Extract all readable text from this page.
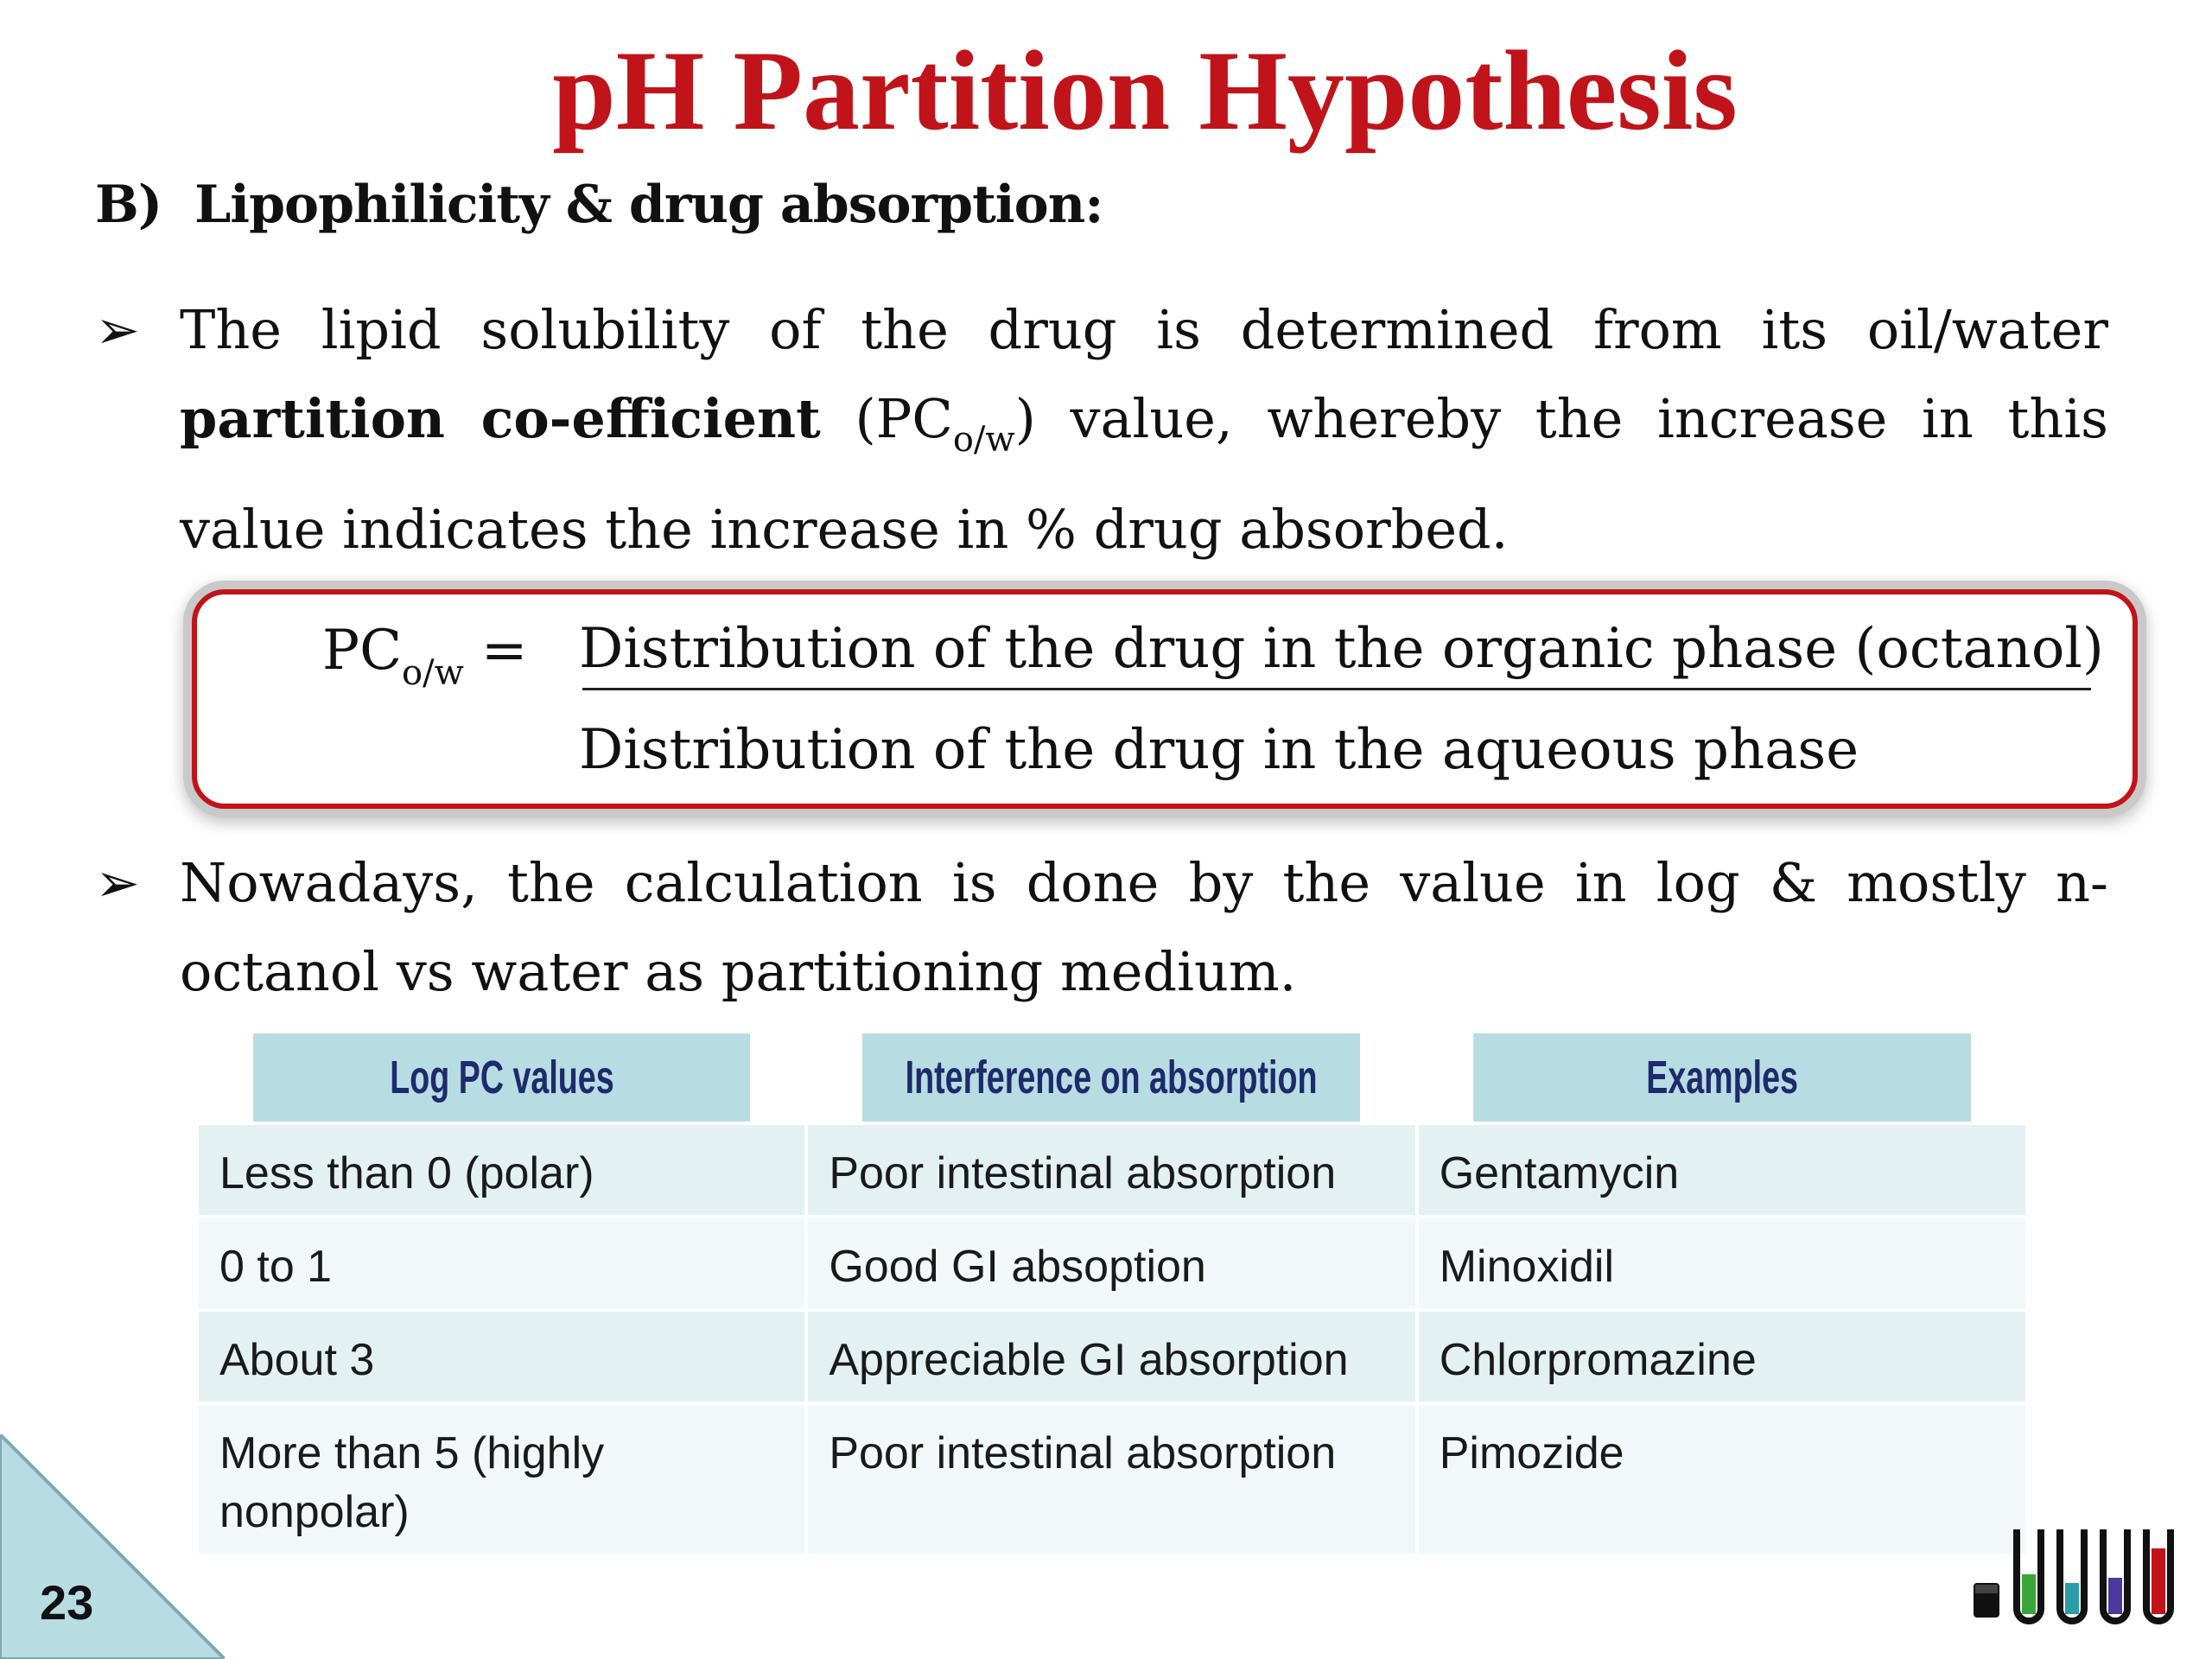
pH Partition Hypothesis
B) Lipophilicity & drug absorption:
➢ The lipid solubility of the drug is determined from its oil/water partition co-efficient $(PC_{o/w})$ value, whereby the increase in this value indicates the increase in % drug absorbed.
$PC_{o/w}$ = Distribution of the drug in the organic phase (octanol)
Distribution of the drug in the aqueous phase
➢ Nowadays, the calculation is done by the value in log & mostly n-octanol vs water as partitioning medium.
Log PC values	Interference on absorption	Examples
Less than 0 (polar)	Poor intestinal absorption	Gentamycin
0 to 1	Good GI absoption	Minoxidil
About 3	Appreciable GI absorption	Chlorpromazine
More than 5 (highly nonpolar)	Poor intestinal absorption	Pimozide
23
